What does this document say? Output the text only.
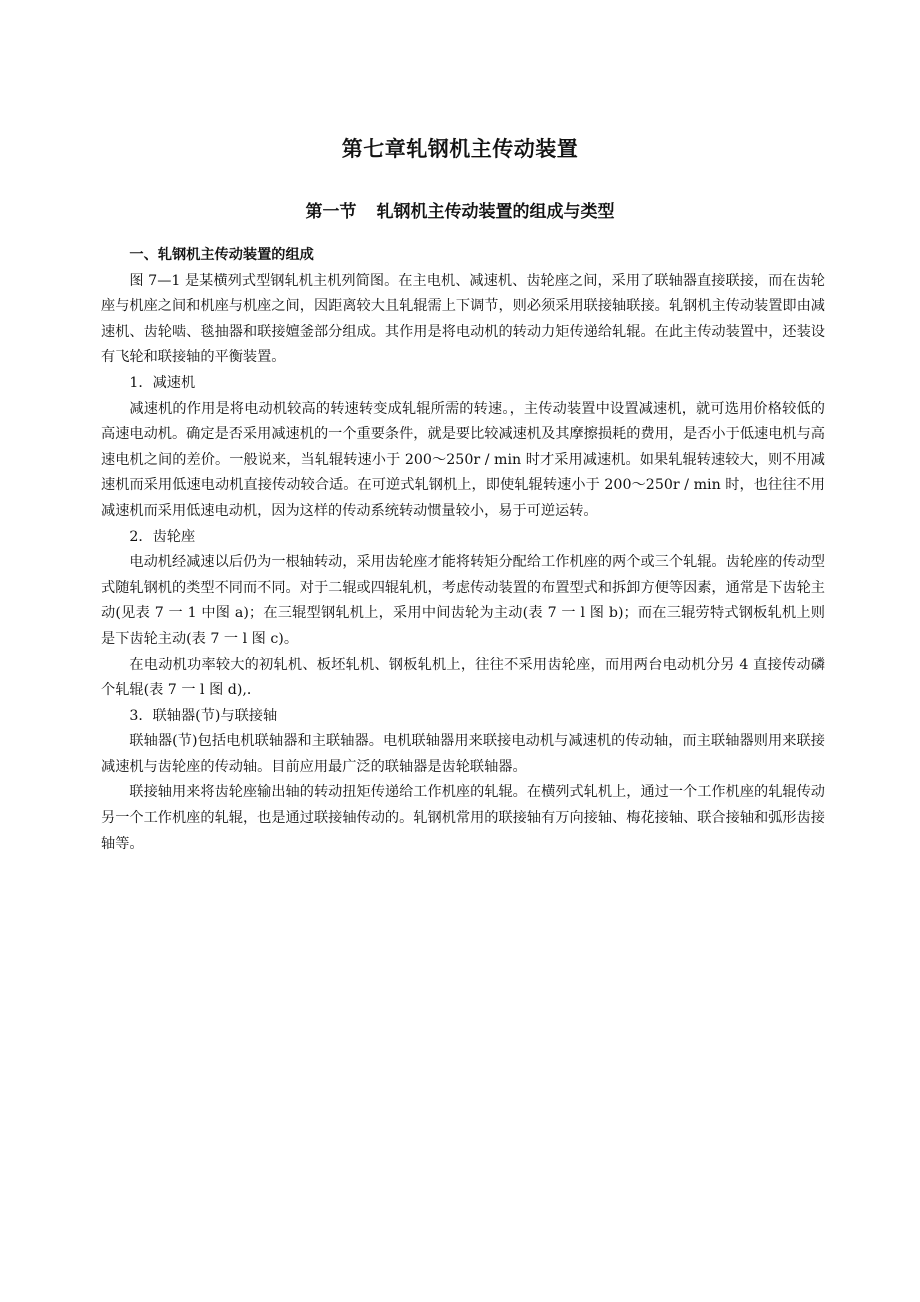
第七章轧钢机主传动装置
第一节 轧钢机主传动装置的组成与类型

一、轧钢机主传动装置的组成

图 7—1 是某横列式型钢轧机主机列简图。在主电机、减速机、齿轮座之间，采用了联轴器直接联接，而在齿轮座与机座之间和机座与机座之间，因距离较大且轧辊需上下调节，则必须采用联接轴联接。轧钢机主传动装置即由减速机、齿轮啮、毯抽器和联接嬗釜部分组成。其作用是将电动机的转动力矩传递给轧辊。在此主传动装置中，还装设有飞轮和联接轴的平衡装置。

1．减速机

减速机的作用是将电动机较高的转速转变成轧辊所需的转速。，主传动装置中设置减速机，就可选用价格较低的高速电动机。确定是否采用减速机的一个重要条件，就是要比较减速机及其摩擦损耗的费用，是否小于低速电机与高速电机之间的差价。一般说来，当轧辊转速小于 200～250r / min 时才采用减速机。如果轧辊转速较大，则不用减速机而采用低速电动机直接传动较合适。在可逆式轧钢机上，即使轧辊转速小于 200～250r / min 时，也往往不用减速机而采用低速电动机，因为这样的传动系统转动惯量较小，易于可逆运转。

2．齿轮座

电动机经减速以后仍为一根轴转动，采用齿轮座才能将转矩分配给工作机座的两个或三个轧辊。齿轮座的传动型式随轧钢机的类型不同而不同。对于二辊或四辊轧机，考虑传动装置的布置型式和拆卸方便等因素，通常是下齿轮主动(见表 7 一 1 中图 a)；在三辊型钢轧机上，采用中间齿轮为主动(表 7 一 l 图 b)；而在三辊劳特式钢板轧机上则是下齿轮主动(表 7 一 l 图 c)。

在电动机功率较大的初轧机、板坯轧机、钢板轧机上，往往不采用齿轮座，而用两台电动机分另 4 直接传动磷个轧辊(表 7 一 l 图 d),．

3．联轴器(节)与联接轴

联轴器(节)包括电机联轴器和主联轴器。电机联轴器用来联接电动机与减速机的传动轴，而主联轴器则用来联接减速机与齿轮座的传动轴。目前应用最广泛的联轴器是齿轮联轴器。

联接轴用来将齿轮座输出轴的转动扭矩传递给工作机座的轧辊。在横列式轧机上，通过一个工作机座的轧辊传动另一个工作机座的轧辊，也是通过联接轴传动的。轧钢机常用的联接轴有万向接轴、梅花接轴、联合接轴和弧形齿接轴等。
